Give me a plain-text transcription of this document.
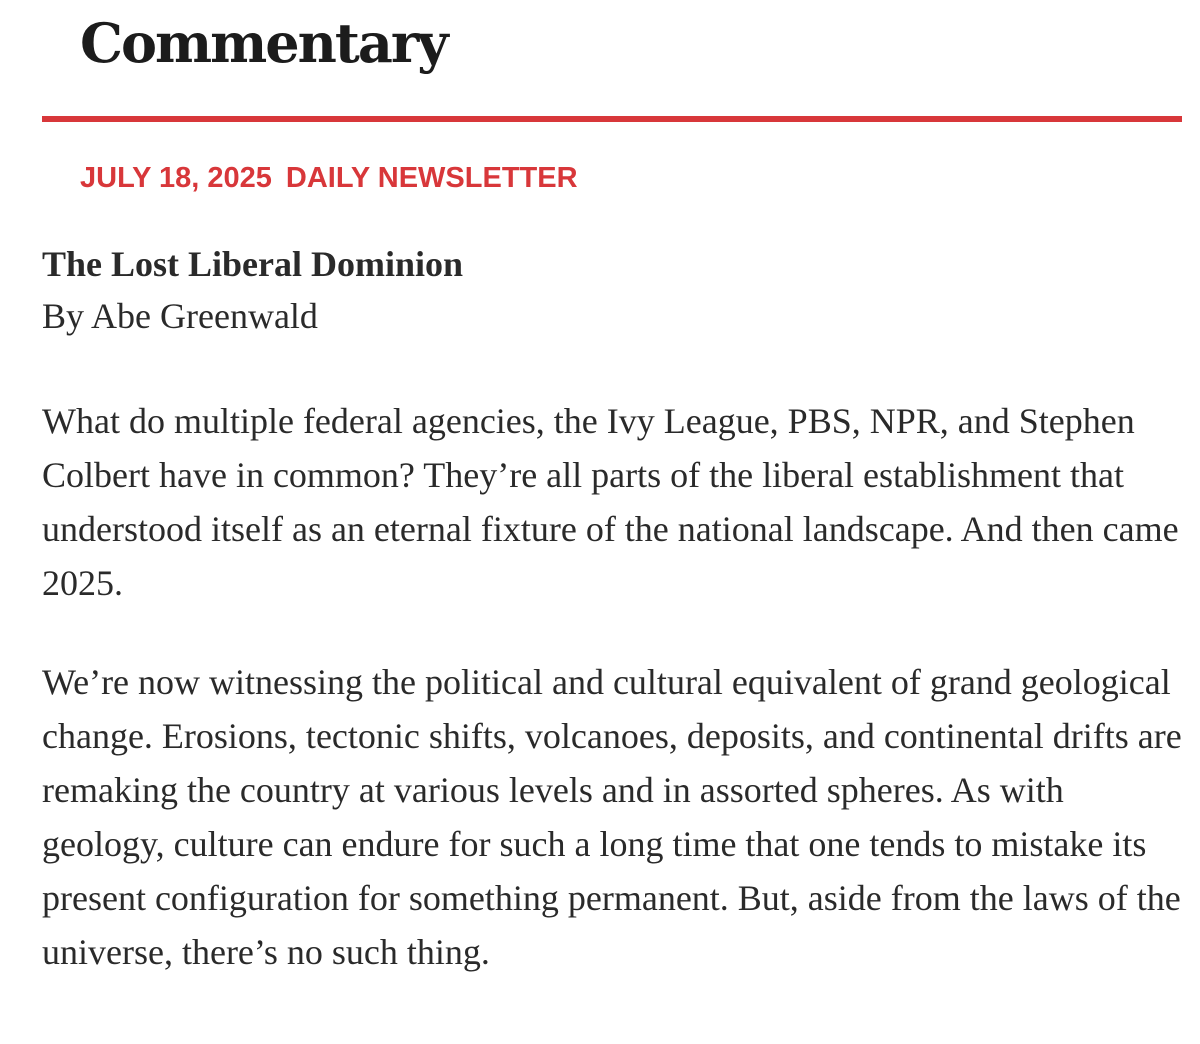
Commentary
JULY 18, 2025 DAILY NEWSLETTER
The Lost Liberal Dominion
By Abe Greenwald

What do multiple federal agencies, the Ivy League, PBS, NPR, and Stephen Colbert have in common? They’re all parts of the liberal establishment that understood itself as an eternal fixture of the national landscape. And then came 2025.

We’re now witnessing the political and cultural equivalent of grand geological change. Erosions, tectonic shifts, volcanoes, deposits, and continental drifts are remaking the country at various levels and in assorted spheres. As with geology, culture can endure for such a long time that one tends to mistake its present configuration for something permanent. But, aside from the laws of the universe, there’s no such thing.
